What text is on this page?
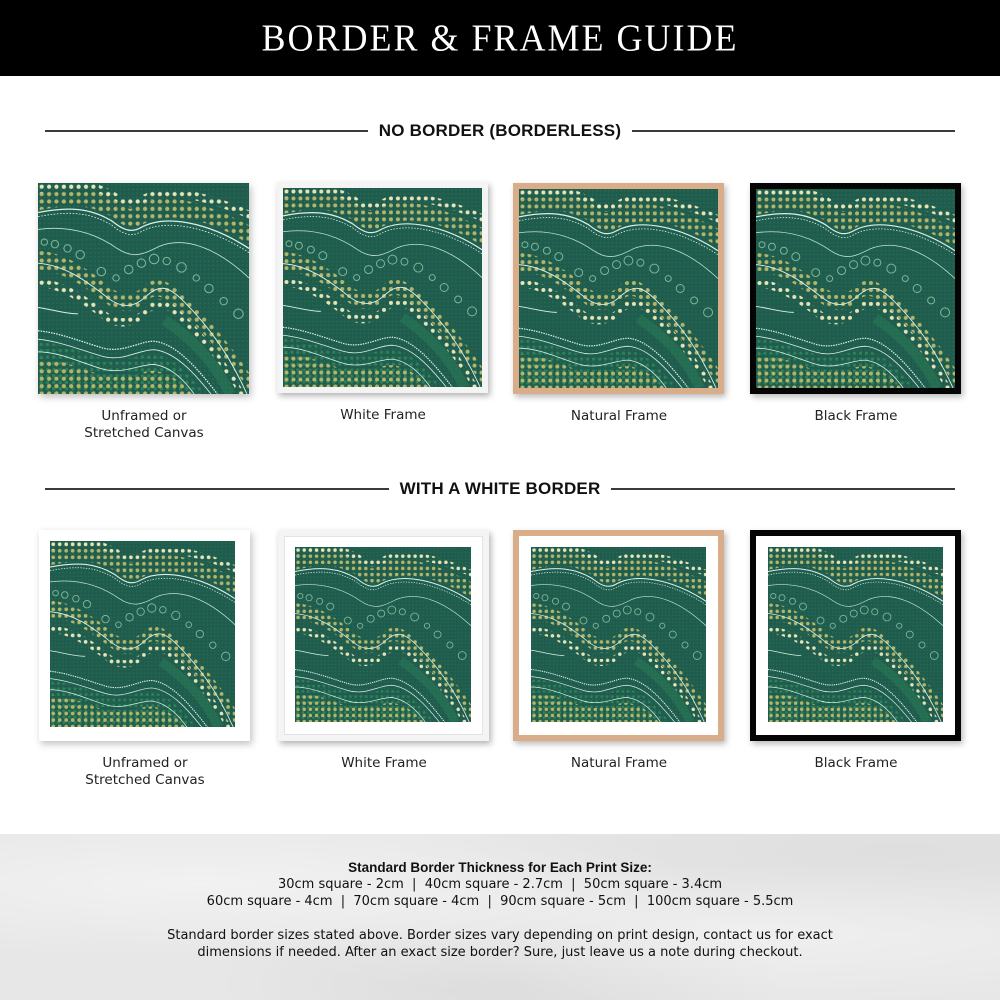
BORDER & FRAME GUIDE
NO BORDER (BORDERLESS)
Unframed or
Stretched Canvas
White Frame	Natural Frame	Black Frame
WITH A WHITE BORDER
Unframed or
Stretched Canvas
White Frame	Natural Frame	Black Frame
Standard Border Thickness for Each Print Size:
30cm square - 2cm  |  40cm square - 2.7cm  |  50cm square - 3.4cm
60cm square - 4cm  |  70cm square - 4cm  |  90cm square - 5cm  |  100cm square - 5.5cm
Standard border sizes stated above. Border sizes vary depending on print design, contact us for exact
dimensions if needed. After an exact size border? Sure, just leave us a note during checkout.
